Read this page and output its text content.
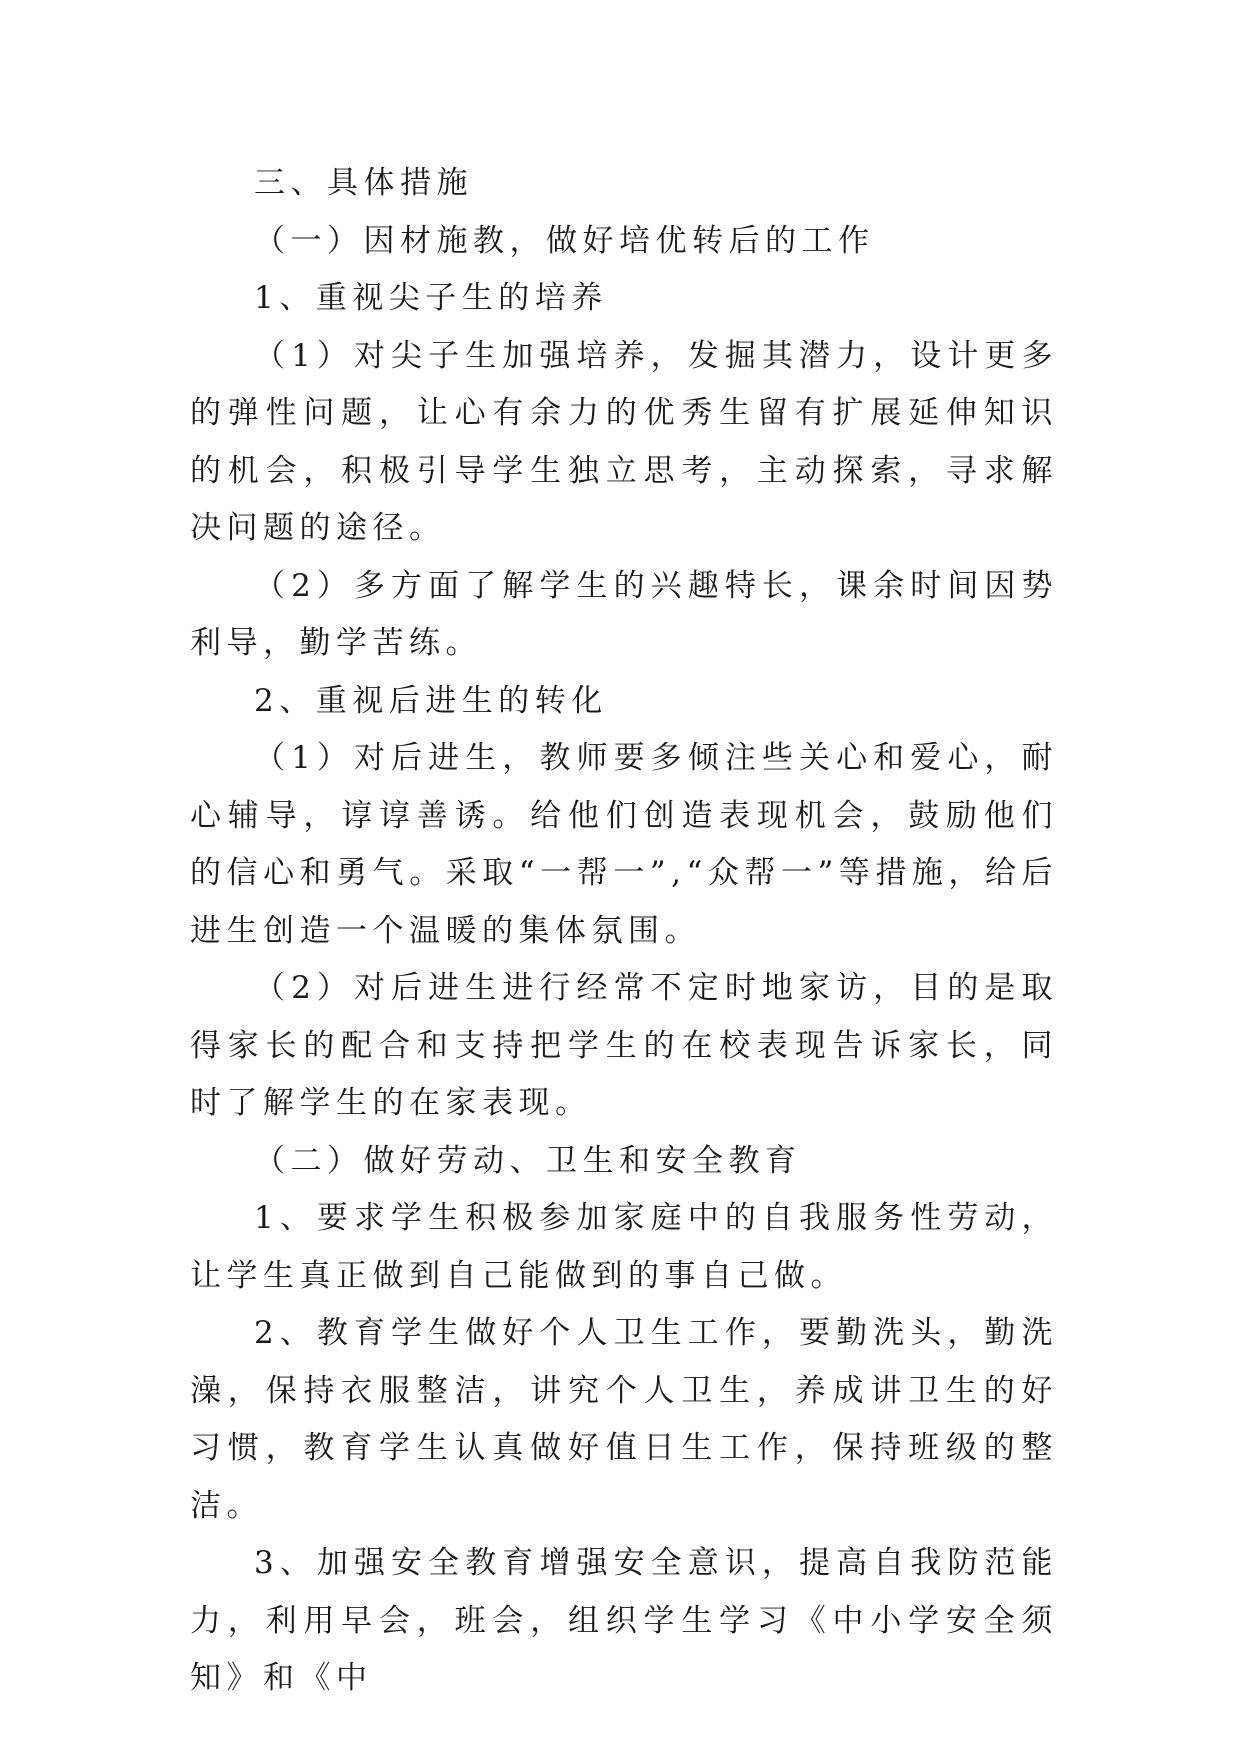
三、具体措施

（一）因材施教，做好培优转后的工作

1、重视尖子生的培养

（1）对尖子生加强培养，发掘其潜力，设计更多的弹性问题，让心有余力的优秀生留有扩展延伸知识的机会，积极引导学生独立思考，主动探索，寻求解决问题的途径。

（2）多方面了解学生的兴趣特长，课余时间因势利导，勤学苦练。

2、重视后进生的转化

（1）对后进生，教师要多倾注些关心和爱心，耐心辅导，谆谆善诱。给他们创造表现机会，鼓励他们的信心和勇气。采取“一帮一”,“众帮一”等措施，给后进生创造一个温暖的集体氛围。

（2）对后进生进行经常不定时地家访，目的是取得家长的配合和支持把学生的在校表现告诉家长，同时了解学生的在家表现。

（二）做好劳动、卫生和安全教育

1、要求学生积极参加家庭中的自我服务性劳动，让学生真正做到自己能做到的事自己做。

2、教育学生做好个人卫生工作，要勤洗头，勤洗澡，保持衣服整洁，讲究个人卫生，养成讲卫生的好习惯，教育学生认真做好值日生工作，保持班级的整洁。

3、加强安全教育增强安全意识，提高自我防范能力，利用早会，班会，组织学生学习《中小学安全须知》和《中
